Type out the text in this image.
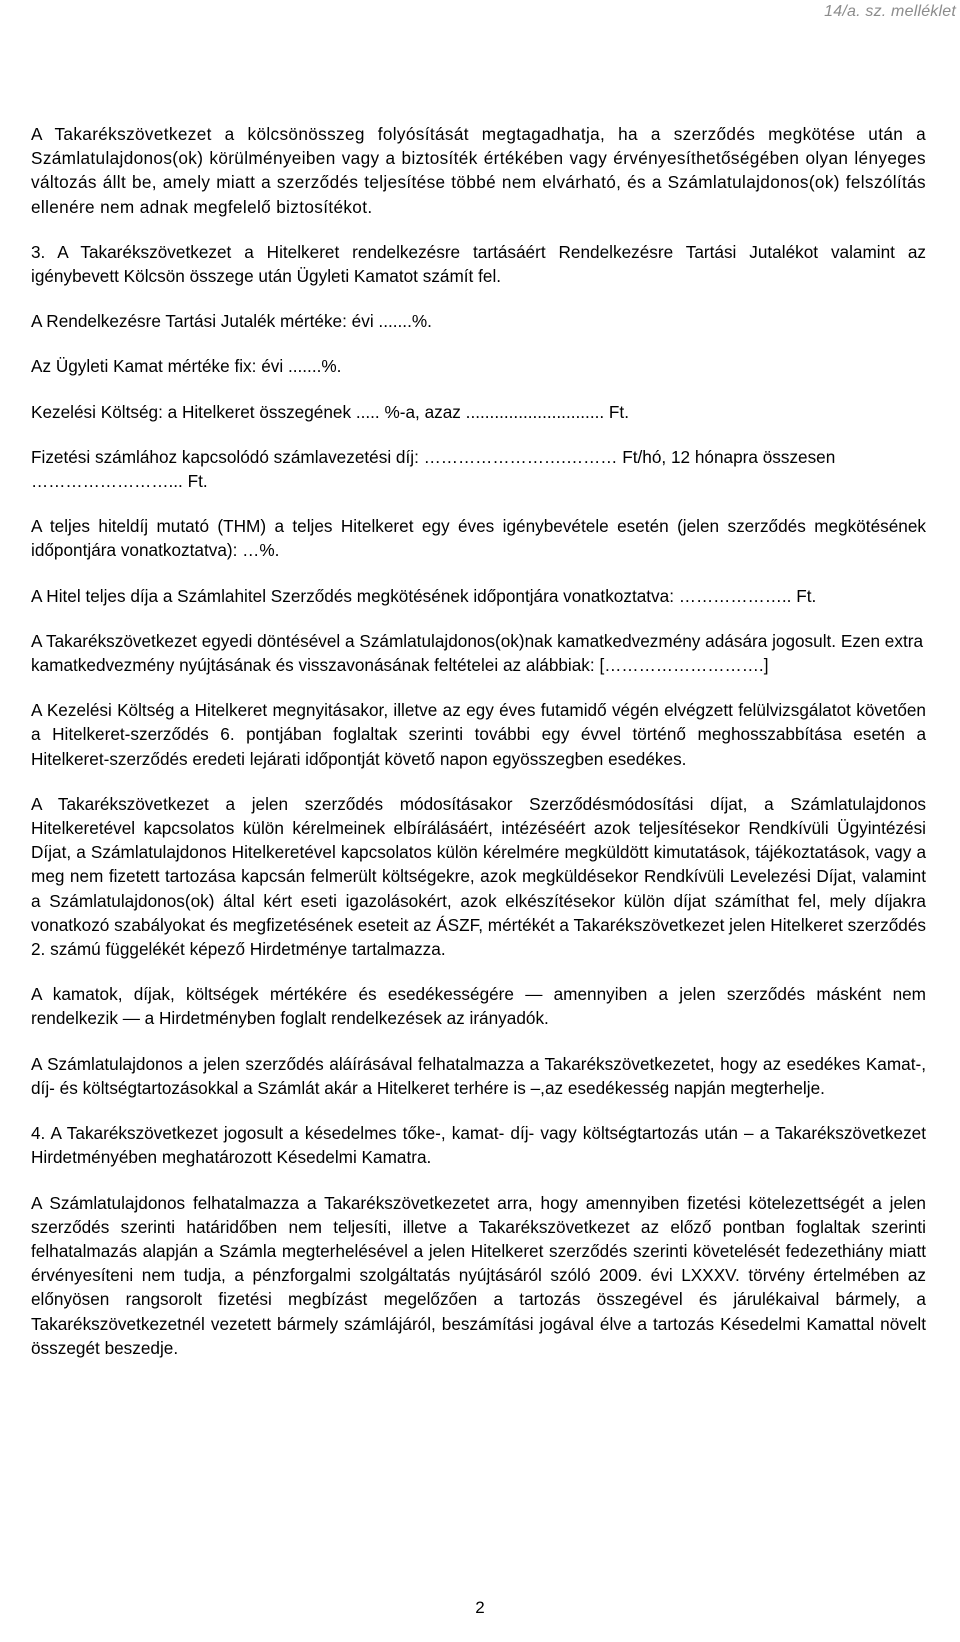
14/a. sz. melléklet

A Takarékszövetkezet a kölcsönösszeg folyósítását megtagadhatja, ha a szerződés megkötése után a Számlatulajdonos(ok) körülményeiben vagy a biztosíték értékében vagy érvényesíthetőségében olyan lényeges változás állt be, amely miatt a szerződés teljesítése többé nem elvárható, és a Számlatulajdonos(ok) felszólítás ellenére nem adnak megfelelő biztosítékot.

3. A Takarékszövetkezet a Hitelkeret rendelkezésre tartásáért Rendelkezésre Tartási Jutalékot valamint az igénybevett Kölcsön összege után Ügyleti Kamatot számít fel.

A Rendelkezésre Tartási Jutalék mértéke: évi .......%.

Az Ügyleti Kamat mértéke fix: évi .......%.

Kezelési Költség: a Hitelkeret összegének ..... %-a, azaz ............................. Ft.

Fizetési számlához kapcsolódó számlavezetési díj: …………………….……… Ft/hó, 12 hónapra összesen ……………………... Ft.

A teljes hiteldíj mutató (THM) a teljes Hitelkeret egy éves igénybevétele esetén (jelen szerződés megkötésének időpontjára vonatkoztatva): …%.

A Hitel teljes díja a Számlahitel Szerződés megkötésének időpontjára vonatkoztatva: ……………….. Ft.

A Takarékszövetkezet egyedi döntésével a Számlatulajdonos(ok)nak kamatkedvezmény adására jogosult. Ezen extra kamatkedvezmény nyújtásának és visszavonásának feltételei az alábbiak: [……………………….]

A Kezelési Költség a Hitelkeret megnyitásakor, illetve az egy éves futamidő végén elvégzett felülvizsgálatot követően a Hitelkeret-szerződés 6. pontjában foglaltak szerinti további egy évvel történő meghosszabbítása esetén a Hitelkeret-szerződés eredeti lejárati időpontját követő napon egyösszegben esedékes.

A Takarékszövetkezet a jelen szerződés módosításakor Szerződésmódosítási díjat, a Számlatulajdonos Hitelkeretével kapcsolatos külön kérelmeinek elbírálásáért, intézéséért azok teljesítésekor Rendkívüli Ügyintézési Díjat, a Számlatulajdonos Hitelkeretével kapcsolatos külön kérelmére megküldött kimutatások, tájékoztatások, vagy a meg nem fizetett tartozása kapcsán felmerült költségekre, azok megküldésekor Rendkívüli Levelezési Díjat, valamint a Számlatulajdonos(ok) által kért eseti igazolásokért, azok elkészítésekor külön díjat számíthat fel, mely díjakra vonatkozó szabályokat és megfizetésének eseteit az ÁSZF, mértékét a Takarékszövetkezet jelen Hitelkeret szerződés 2. számú függelékét képező Hirdetménye tartalmazza.

A kamatok, díjak, költségek mértékére és esedékességére — amennyiben a jelen szerződés másként nem rendelkezik — a Hirdetményben foglalt rendelkezések az irányadók.

A Számlatulajdonos a jelen szerződés aláírásával felhatalmazza a Takarékszövetkezetet, hogy az esedékes Kamat-, díj- és költségtartozásokkal a Számlát akár a Hitelkeret terhére is –,az esedékesség napján megterhelje.

4. A Takarékszövetkezet jogosult a késedelmes tőke-, kamat- díj- vagy költségtartozás után – a Takarékszövetkezet Hirdetményében meghatározott Késedelmi Kamatra.

A Számlatulajdonos felhatalmazza a Takarékszövetkezetet arra, hogy amennyiben fizetési kötelezettségét a jelen szerződés szerinti határidőben nem teljesíti, illetve a Takarékszövetkezet az előző pontban foglaltak szerinti felhatalmazás alapján a Számla megterhelésével a jelen Hitelkeret szerződés szerinti követelését fedezethiány miatt érvényesíteni nem tudja, a pénzforgalmi szolgáltatás nyújtásáról szóló 2009. évi LXXXV. törvény értelmében az előnyösen rangsorolt fizetési megbízást megelőzően a tartozás összegével és járulékaival bármely, a Takarékszövetkezetnél vezetett bármely számlájáról, beszámítási jogával élve a tartozás Késedelmi Kamattal növelt összegét beszedje.

2
